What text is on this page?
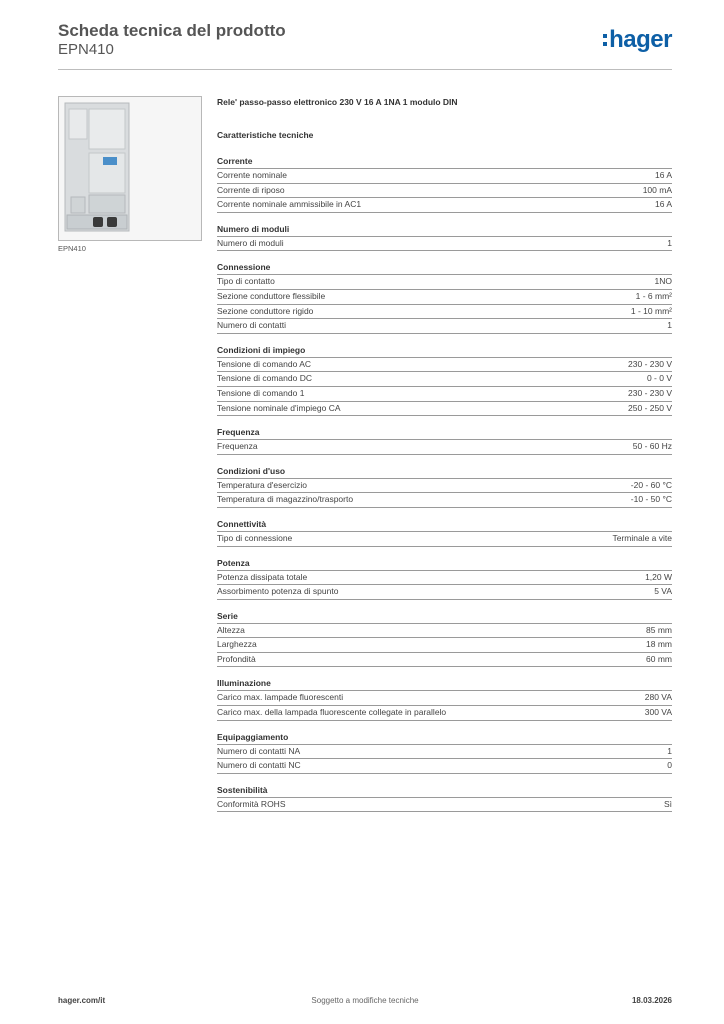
Scheda tecnica del prodotto
EPN410	hager
EPN410
Rele' passo-passo elettronico 230 V 16 A 1NA 1 modulo DIN
Caratteristiche tecniche
Corrente
Corrente nominale	16 A
Corrente di riposo	100 mA
Corrente nominale ammissibile in AC1	16 A
Numero di moduli
Numero di moduli	1
Connessione
Tipo di contatto	1NO
Sezione conduttore flessibile	1 - 6 mm²
Sezione conduttore rigido	1 - 10 mm²
Numero di contatti	1
Condizioni di impiego
Tensione di comando AC	230 - 230 V
Tensione di comando DC	0 - 0 V
Tensione di comando 1	230 - 230 V
Tensione nominale d'impiego CA	250 - 250 V
Frequenza
Frequenza	50 - 60 Hz
Condizioni d'uso
Temperatura d'esercizio	-20 - 60 °C
Temperatura di magazzino/trasporto	-10 - 50 °C
Connettività
Tipo di connessione	Terminale a vite
Potenza
Potenza dissipata totale	1,20 W
Assorbimento potenza di spunto	5 VA
Serie
Altezza	85 mm
Larghezza	18 mm
Profondità	60 mm
Illuminazione
Carico max. lampade fluorescenti	280 VA
Carico max. della lampada fluorescente collegate in parallelo	300 VA
Equipaggiamento
Numero di contatti NA	1
Numero di contatti NC	0
Sostenibilità
Conformità ROHS	Sì
hager.com/it	Soggetto a modifiche tecniche	18.03.2026
